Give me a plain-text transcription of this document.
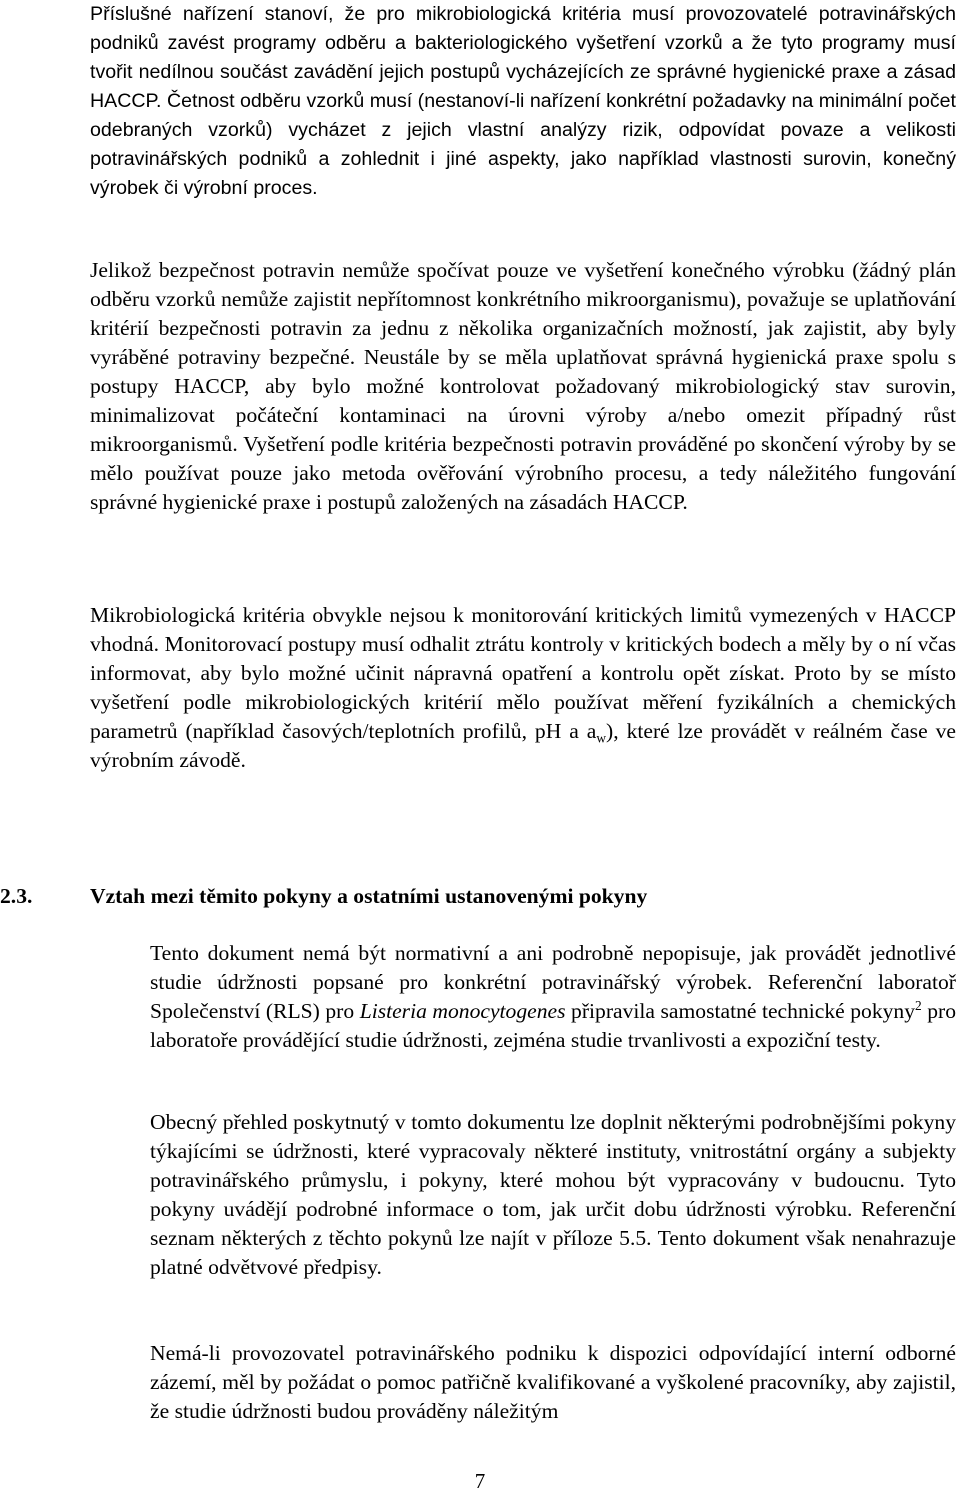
Příslušné nařízení stanoví, že pro mikrobiologická kritéria musí provozovatelé potravinářských podniků zavést programy odběru a bakteriologického vyšetření vzorků a že tyto programy musí tvořit nedílnou součást zavádění jejich postupů vycházejících ze správné hygienické praxe a zásad HACCP. Četnost odběru vzorků musí (nestanoví-li nařízení konkrétní požadavky na minimální počet odebraných vzorků) vycházet z jejich vlastní analýzy rizik, odpovídat povaze a velikosti potravinářských podniků a zohlednit i jiné aspekty, jako například vlastnosti surovin, konečný výrobek či výrobní proces.

Jelikož bezpečnost potravin nemůže spočívat pouze ve vyšetření konečného výrobku (žádný plán odběru vzorků nemůže zajistit nepřítomnost konkrétního mikroorganismu), považuje se uplatňování kritérií bezpečnosti potravin za jednu z několika organizačních možností, jak zajistit, aby byly vyráběné potraviny bezpečné. Neustále by se měla uplatňovat správná hygienická praxe spolu s postupy HACCP, aby bylo možné kontrolovat požadovaný mikrobiologický stav surovin, minimalizovat počáteční kontaminaci na úrovni výroby a/nebo omezit případný růst mikroorganismů. Vyšetření podle kritéria bezpečnosti potravin prováděné po skončení výroby by se mělo používat pouze jako metoda ověřování výrobního procesu, a tedy náležitého fungování správné hygienické praxe i postupů založených na zásadách HACCP.

Mikrobiologická kritéria obvykle nejsou k monitorování kritických limitů vymezených v HACCP vhodná. Monitorovací postupy musí odhalit ztrátu kontroly v kritických bodech a měly by o ní včas informovat, aby bylo možné učinit nápravná opatření a kontrolu opět získat. Proto by se místo vyšetření podle mikrobiologických kritérií mělo používat měření fyzikálních a chemických parametrů (například časových/teplotních profilů, pH a $a_w$), které lze provádět v reálném čase ve výrobním závodě.

2.3.	Vztah mezi těmito pokyny a ostatními ustanovenými pokyny

Tento dokument nemá být normativní a ani podrobně nepopisuje, jak provádět jednotlivé studie údržnosti popsané pro konkrétní potravinářský výrobek. Referenční laboratoř Společenství (RLS) pro Listeria monocytogenes připravila samostatné technické pokyny$^2$ pro laboratoře provádějící studie údržnosti, zejména studie trvanlivosti a expoziční testy.

Obecný přehled poskytnutý v tomto dokumentu lze doplnit některými podrobnějšími pokyny týkajícími se údržnosti, které vypracovaly některé instituty, vnitrostátní orgány a subjekty potravinářského průmyslu, i pokyny, které mohou být vypracovány v budoucnu. Tyto pokyny uvádějí podrobné informace o tom, jak určit dobu údržnosti výrobku. Referenční seznam některých z těchto pokynů lze najít v příloze 5.5. Tento dokument však nenahrazuje platné odvětvové předpisy.

Nemá-li provozovatel potravinářského podniku k dispozici odpovídající interní odborné zázemí, měl by požádat o pomoc patřičně kvalifikované a vyškolené pracovníky, aby zajistil, že studie údržnosti budou prováděny náležitým

7
